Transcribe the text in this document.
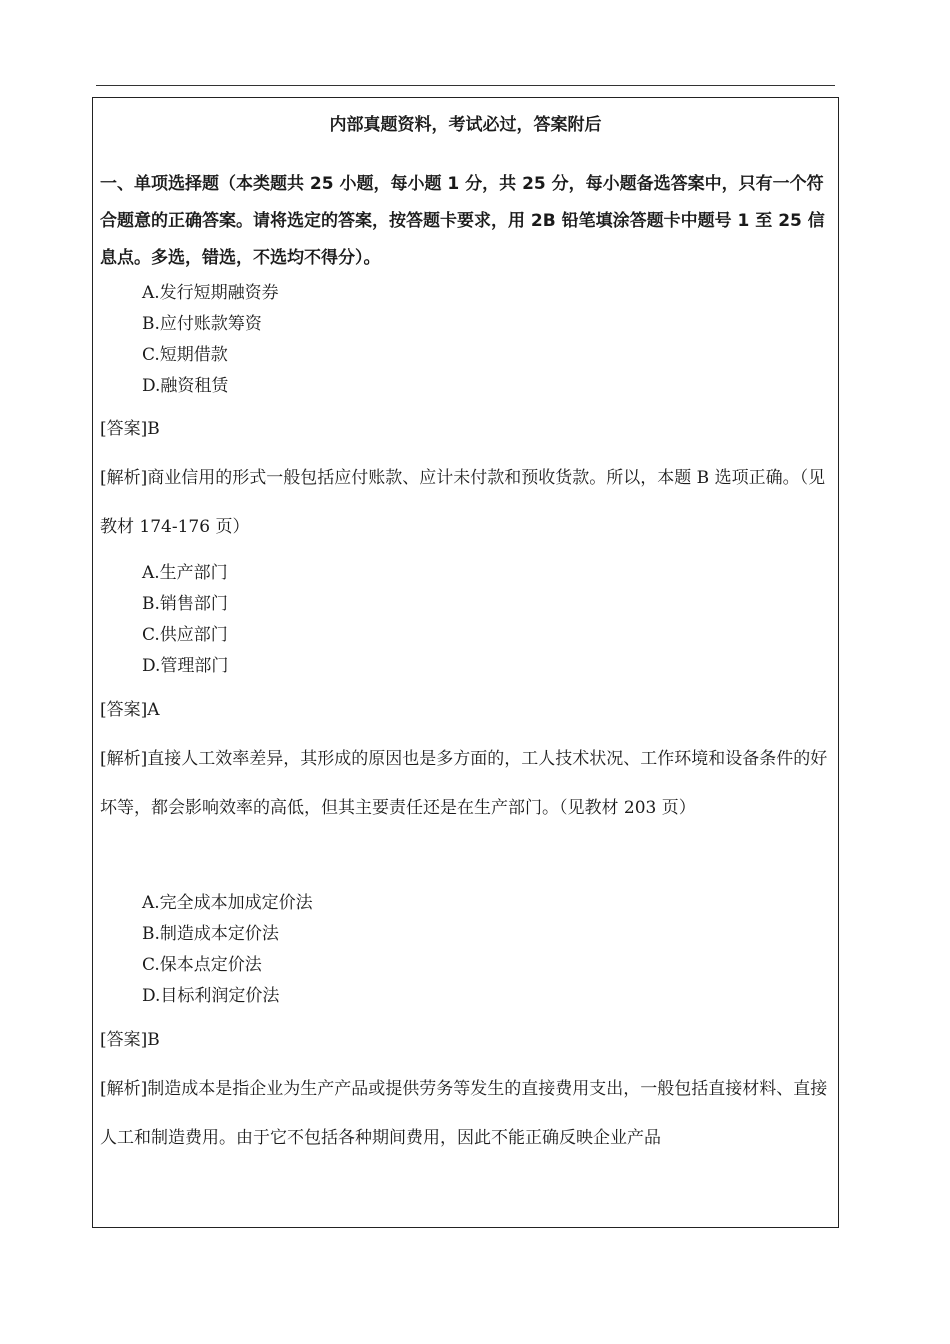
内部真题资料，考试必过，答案附后
一、单项选择题（本类题共 25 小题，每小题 1 分，共 25 分，每小题备选答案中，只有一个符合题意的正确答案。请将选定的答案，按答题卡要求，用 2B 铅笔填涂答题卡中题号 1 至 25 信息点。多选，错选，不选均不得分）。
A.发行短期融资券
B.应付账款筹资
C.短期借款
D.融资租赁
[答案]B
[解析]商业信用的形式一般包括应付账款、应计未付款和预收货款。所以，本题 B 选项正确。（见教材 174-176 页）
A.生产部门
B.销售部门
C.供应部门
D.管理部门
[答案]A
[解析]直接人工效率差异，其形成的原因也是多方面的，工人技术状况、工作环境和设备条件的好坏等，都会影响效率的高低，但其主要责任还是在生产部门。（见教材 203 页）
A.完全成本加成定价法
B.制造成本定价法
C.保本点定价法
D.目标利润定价法
[答案]B
[解析]制造成本是指企业为生产产品或提供劳务等发生的直接费用支出，一般包括直接材料、直接人工和制造费用。由于它不包括各种期间费用，因此不能正确反映企业产品
